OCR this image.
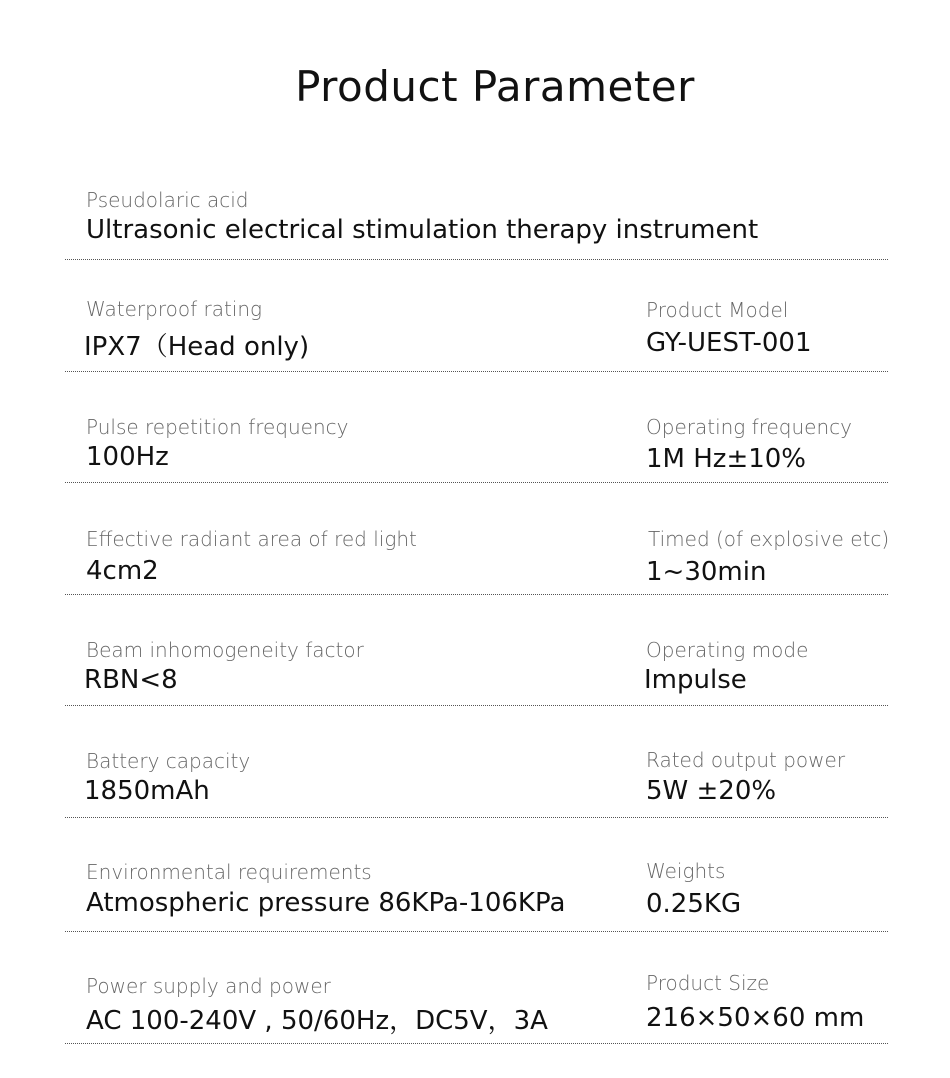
Product Parameter
Pseudolaric acid
Ultrasonic electrical stimulation therapy instrument
Waterproof rating
IPX7（Head only)
Product Model
GY-UEST-001
Pulse repetition frequency
100Hz
Operating frequency
1M Hz±10%
Effective radiant area of red light
4cm2
Timed (of explosive etc)
1~30min
Beam inhomogeneity factor
RBN<8
Operating mode
Impulse
Battery capacity
1850mAh
Rated output power
5W ±20%
Environmental requirements
Atmospheric pressure 86KPa-106KPa
Weights
0.25KG
Power supply and power
AC 100-240V , 50/60Hz，DC5V，3A
Product Size
216×50×60 mm
